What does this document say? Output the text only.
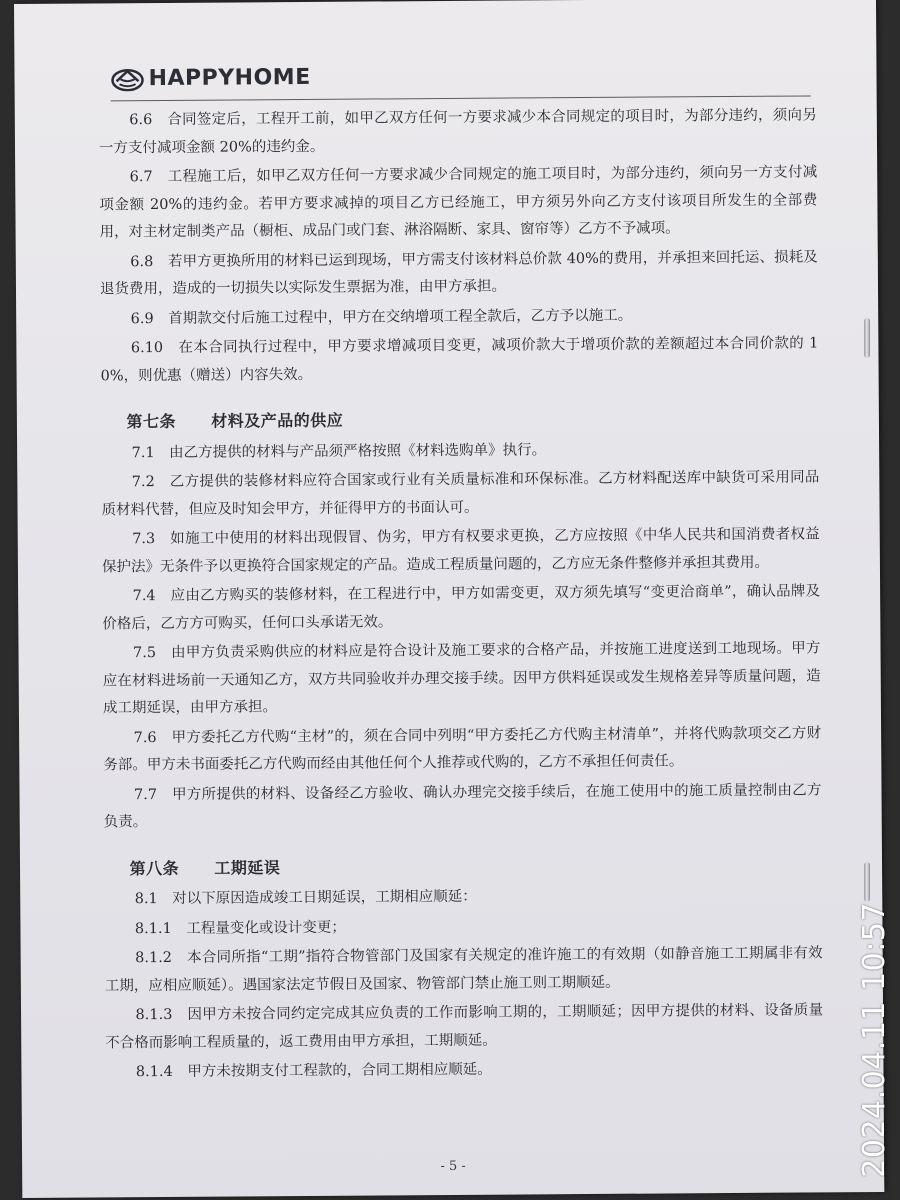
HAPPYHOME

6.6　合同签定后，工程开工前，如甲乙双方任何一方要求减少本合同规定的项目时，为部分违约，须向另一方支付减项金额 20%的违约金。

6.7　工程施工后，如甲乙双方任何一方要求减少合同规定的施工项目时，为部分违约，须向另一方支付减项金额 20%的违约金。若甲方要求减掉的项目乙方已经施工，甲方须另外向乙方支付该项目所发生的全部费用，对主材定制类产品（橱柜、成品门或门套、淋浴隔断、家具、窗帘等）乙方不予减项。

6.8　若甲方更换所用的材料已运到现场，甲方需支付该材料总价款 40%的费用，并承担来回托运、损耗及退货费用，造成的一切损失以实际发生票据为准，由甲方承担。

6.9　首期款交付后施工过程中，甲方在交纳增项工程全款后，乙方予以施工。

6.10　在本合同执行过程中，甲方要求增减项目变更，减项价款大于增项价款的差额超过本合同价款的 10%，则优惠（赠送）内容失效。

第七条 材料及产品的供应

7.1　由乙方提供的材料与产品须严格按照《材料选购单》执行。

7.2　乙方提供的装修材料应符合国家或行业有关质量标准和环保标准。乙方材料配送库中缺货可采用同品质材料代替，但应及时知会甲方，并征得甲方的书面认可。

7.3　如施工中使用的材料出现假冒、伪劣，甲方有权要求更换，乙方应按照《中华人民共和国消费者权益保护法》无条件予以更换符合国家规定的产品。造成工程质量问题的，乙方应无条件整修并承担其费用。

7.4　应由乙方购买的装修材料，在工程进行中，甲方如需变更，双方须先填写“变更洽商单”，确认品牌及价格后，乙方方可购买，任何口头承诺无效。

7.5　由甲方负责采购供应的材料应是符合设计及施工要求的合格产品，并按施工进度送到工地现场。甲方应在材料进场前一天通知乙方，双方共同验收并办理交接手续。因甲方供料延误或发生规格差异等质量问题，造成工期延误，由甲方承担。

7.6　甲方委托乙方代购“主材”的，须在合同中列明“甲方委托乙方代购主材清单”，并将代购款项交乙方财务部。甲方未书面委托乙方代购而经由其他任何个人推荐或代购的，乙方不承担任何责任。

7.7　甲方所提供的材料、设备经乙方验收、确认办理完交接手续后，在施工使用中的施工质量控制由乙方负责。

第八条 工期延误

8.1　对以下原因造成竣工日期延误，工期相应顺延：

8.1.1　工程量变化或设计变更；

8.1.2　本合同所指“工期”指符合物管部门及国家有关规定的准许施工的有效期（如静音施工工期属非有效工期，应相应顺延）。遇国家法定节假日及国家、物管部门禁止施工则工期顺延。

8.1.3　因甲方未按合同约定完成其应负责的工作而影响工期的，工期顺延；因甲方提供的材料、设备质量不合格而影响工程质量的，返工费用由甲方承担，工期顺延。

8.1.4　甲方未按期支付工程款的，合同工期相应顺延。

- 5 -	2024.04.11 10:57
